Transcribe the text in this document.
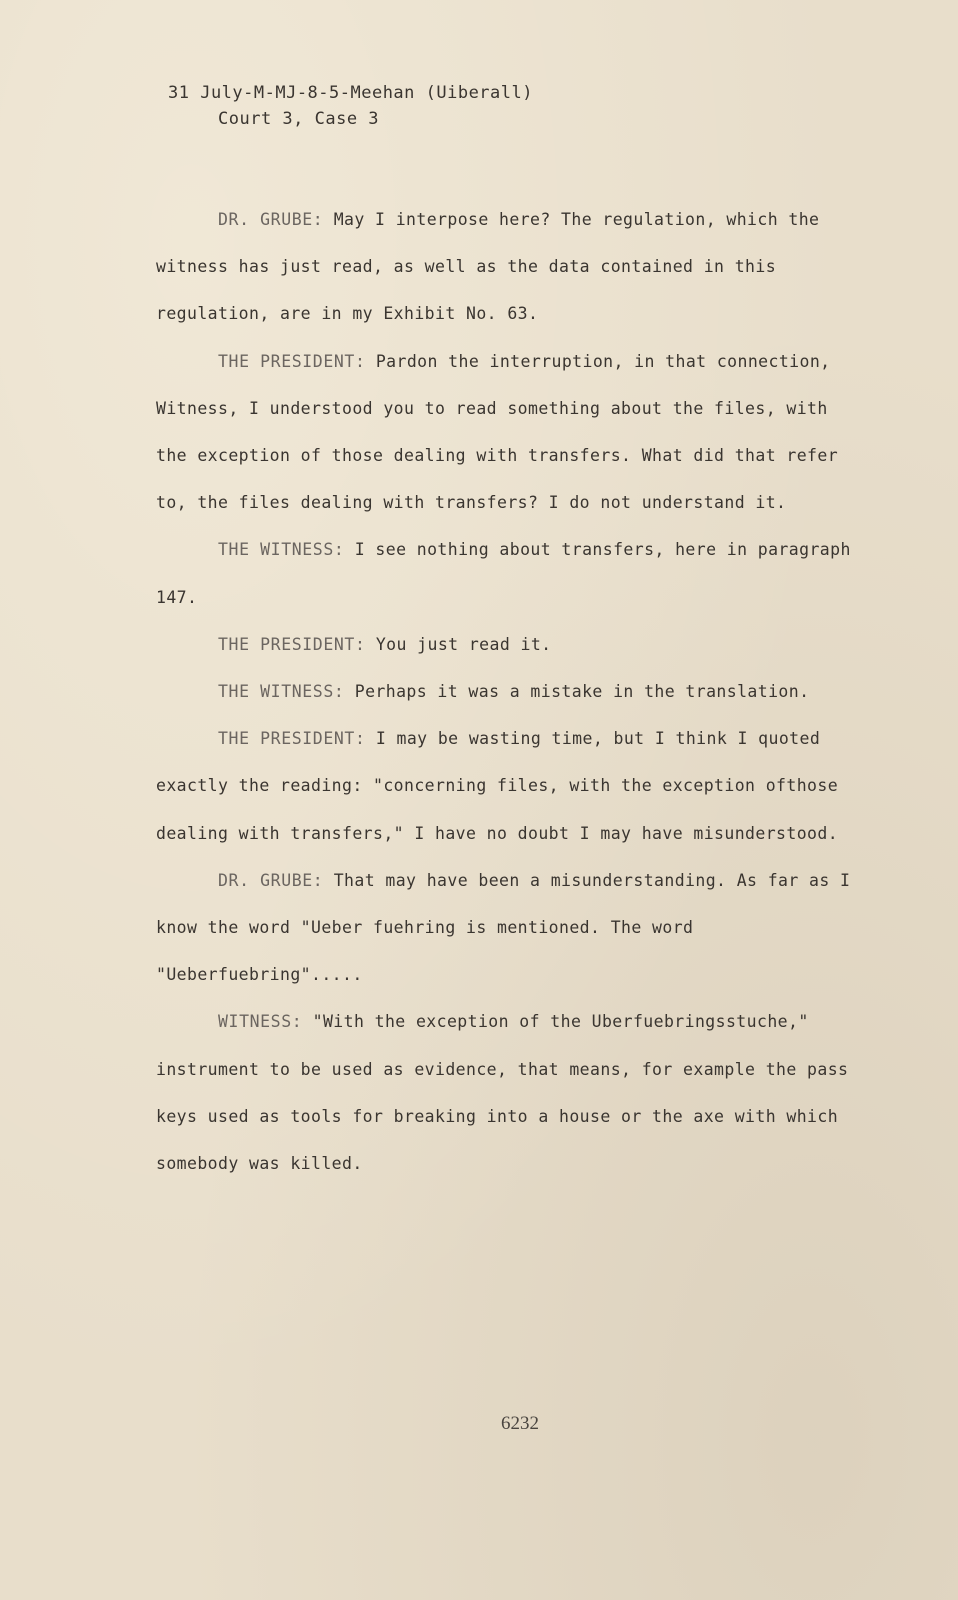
31 July-M-MJ-8-5-Meehan (Uiberall)
Court 3, Case 3

DR. GRUBE: May I interpose here? The regulation, which the witness has just read, as well as the data contained in this regulation, are in my Exhibit No. 63.

THE PRESIDENT: Pardon the interruption, in that connection, Witness, I understood you to read something about the files, with the exception of those dealing with transfers. What did that refer to, the files dealing with transfers? I do not understand it.

THE WITNESS: I see nothing about transfers, here in paragraph 147.

THE PRESIDENT: You just read it.

THE WITNESS: Perhaps it was a mistake in the translation.

THE PRESIDENT: I may be wasting time, but I think I quoted exactly the reading: "concerning files, with the exception ofthose dealing with transfers," I have no doubt I may have misunderstood.

DR. GRUBE: That may have been a misunderstanding. As far as I know the word "Ueber fuehring is mentioned. The word "Ueberfuebring".....

WITNESS: "With the exception of the Uberfuebringsstuche," instrument to be used as evidence, that means, for example the pass keys used as tools for breaking into a house or the axe with which somebody was killed.

6232
